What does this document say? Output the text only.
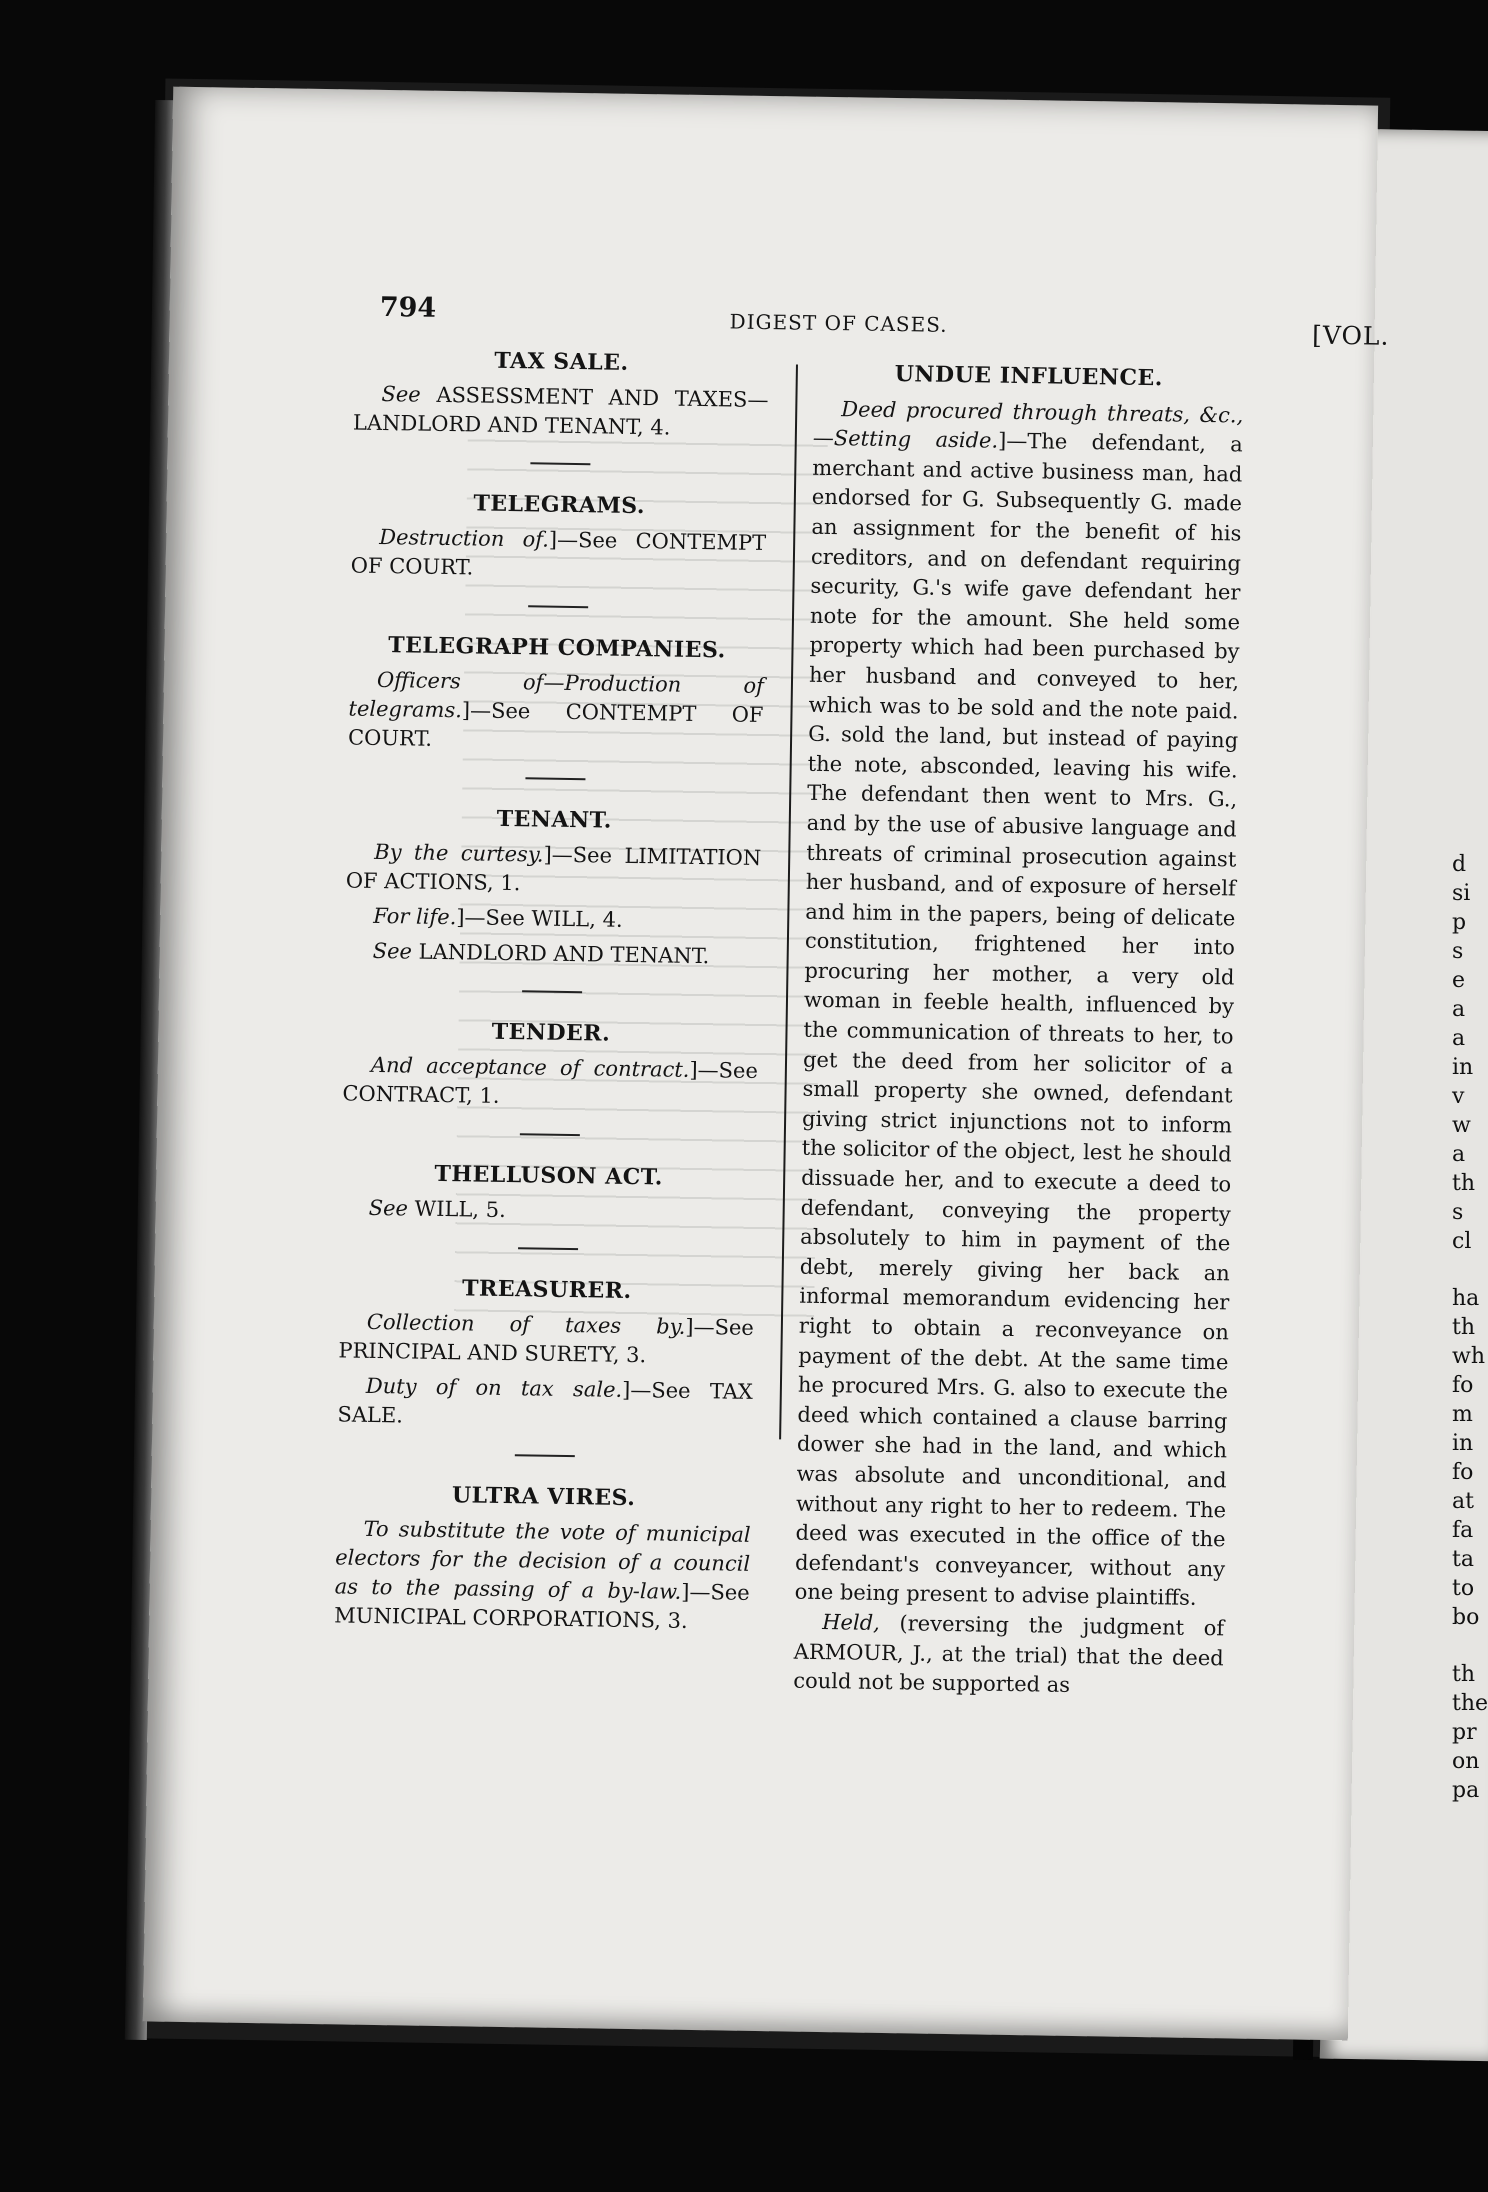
794	DIGEST OF CASES.	[VOL.

TAX SALE.

See ASSESSMENT AND TAXES—LANDLORD AND TENANT, 4.

TELEGRAMS.

Destruction of.]—See CONTEMPT OF COURT.

TELEGRAPH COMPANIES.

Officers of—Production of telegrams.]—See CONTEMPT OF COURT.

TENANT.

By the curtesy.]—See LIMITATION OF ACTIONS, 1.

For life.]—See WILL, 4.

See LANDLORD AND TENANT.

TENDER.

And acceptance of contract.]—See CONTRACT, 1.

THELLUSON ACT.

See WILL, 5.

TREASURER.

Collection of taxes by.]—See PRINCIPAL AND SURETY, 3.

Duty of on tax sale.]—See TAX SALE.

ULTRA VIRES.

To substitute the vote of municipal electors for the decision of a council as to the passing of a by-law.]—See MUNICIPAL CORPORATIONS, 3.

UNDUE INFLUENCE.

Deed procured through threats, &c.,—Setting aside.]—The defendant, a merchant and active business man, had endorsed for G. Subsequently G. made an assignment for the benefit of his creditors, and on defendant requiring security, G.'s wife gave defendant her note for the amount. She held some property which had been purchased by her husband and conveyed to her, which was to be sold and the note paid. G. sold the land, but instead of paying the note, absconded, leaving his wife. The defendant then went to Mrs. G., and by the use of abusive language and threats of criminal prosecution against her husband, and of exposure of herself and him in the papers, being of delicate constitution, frightened her into procuring her mother, a very old woman in feeble health, influenced by the communication of threats to her, to get the deed from her solicitor of a small property she owned, defendant giving strict injunctions not to inform the solicitor of the object, lest he should dissuade her, and to execute a deed to defendant, conveying the property absolutely to him in payment of the debt, merely giving her back an informal memorandum evidencing her right to obtain a reconveyance on payment of the debt. At the same time he procured Mrs. G. also to execute the deed which contained a clause barring dower she had in the land, and which was absolute and unconditional, and without any right to her to redeem. The deed was executed in the office of the defendant's conveyancer, without any one being present to advise plaintiffs.

Held, (reversing the judgment of ARMOUR, J., at the trial) that the deed could not be supported as

d
si
p
s
e
a
a
in
v
w
a
th
s
cl
ha
th
wh
fo
m
in
fo
at
fa
ta
to
bo
th
the
pr
on
pa
